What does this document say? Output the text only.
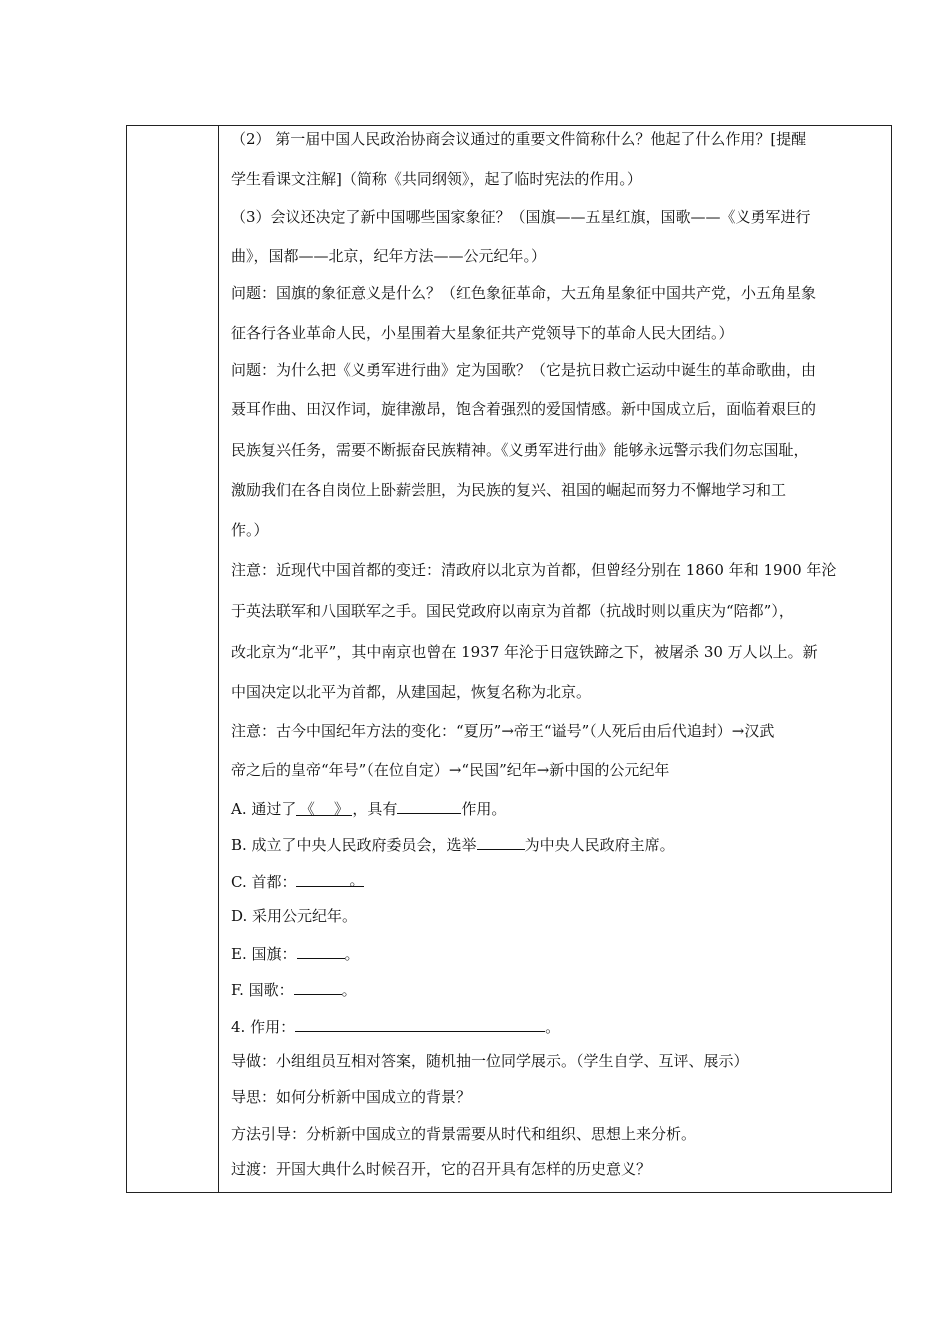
（2） 第一届中国人民政治协商会议通过的重要文件简称什么？他起了什么作用？[提醒
学生看课文注解]（简称《共同纲领》，起了临时宪法的作用。）
（3）会议还决定了新中国哪些国家象征？（国旗——五星红旗，国歌——《义勇军进行
曲》，国都——北京，纪年方法——公元纪年。）
问题：国旗的象征意义是什么？（红色象征革命，大五角星象征中国共产党，小五角星象
征各行各业革命人民，小星围着大星象征共产党领导下的革命人民大团结。）
问题：为什么把《义勇军进行曲》定为国歌？（它是抗日救亡运动中诞生的革命歌曲，由
聂耳作曲、田汉作词，旋律激昂，饱含着强烈的爱国情感。新中国成立后，面临着艰巨的
民族复兴任务，需要不断振奋民族精神。《义勇军进行曲》能够永远警示我们勿忘国耻，
激励我们在各自岗位上卧薪尝胆，为民族的复兴、祖国的崛起而努力不懈地学习和工
作。）
注意：近现代中国首都的变迁：清政府以北京为首都，但曾经分别在 1860 年和 1900 年沦
于英法联军和八国联军之手。国民党政府以南京为首都（抗战时则以重庆为“陪都”），
改北京为“北平”，其中南京也曾在 1937 年沦于日寇铁蹄之下，被屠杀 30 万人以上。新
中国决定以北平为首都，从建国起，恢复名称为北京。
注意：古今中国纪年方法的变化：“夏历”→帝王“谥号”（人死后由后代追封）→汉武
帝之后的皇帝“年号”（在位自定）→“民国”纪年→新中国的公元纪年
A. 通过了 《 》 ，具有	作用。
B. 成立了中央人民政府委员会，选举	为中央人民政府主席。
C. 首都：	。
D. 采用公元纪年。
E. 国旗：	。
F. 国歌：	。
4. 作用：	。
导做：小组组员互相对答案，随机抽一位同学展示。（学生自学、互评、展示）
导思：如何分析新中国成立的背景？
方法引导：分析新中国成立的背景需要从时代和组织、思想上来分析。
过渡：开国大典什么时候召开，它的召开具有怎样的历史意义？
